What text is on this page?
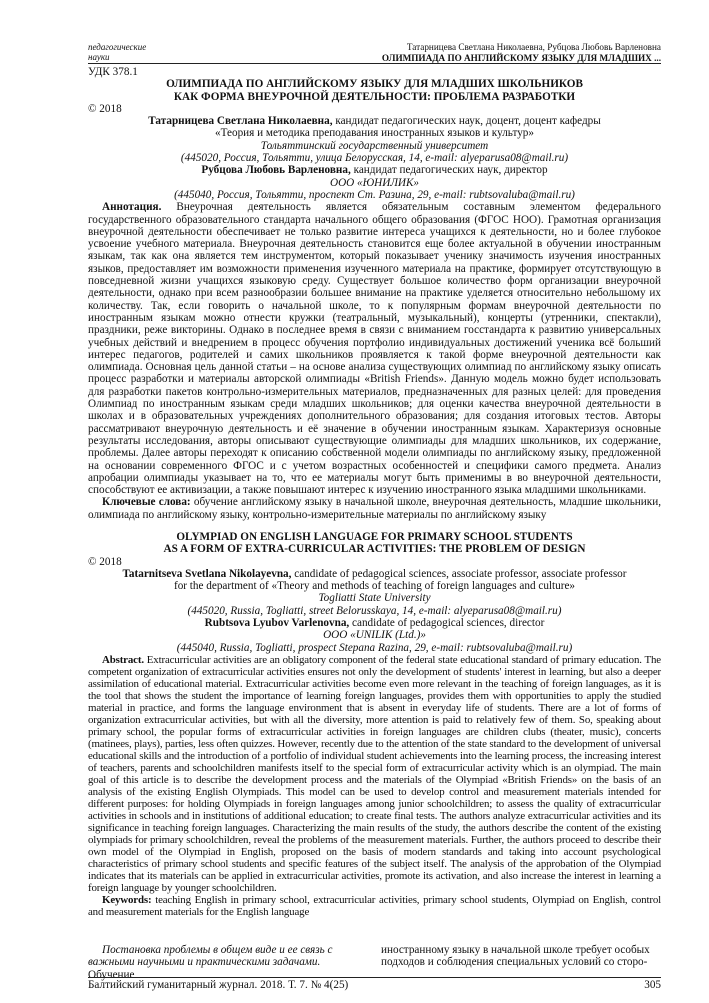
педагогические
науки
Татарницева Светлана Николаевна, Рубцова Любовь Варленовна
ОЛИМПИАДА ПО АНГЛИЙСКОМУ ЯЗЫКУ ДЛЯ МЛАДШИХ ...
УДК 378.1
ОЛИМПИАДА ПО АНГЛИЙСКОМУ ЯЗЫКУ ДЛЯ МЛАДШИХ ШКОЛЬНИКОВ
КАК ФОРМА ВНЕУРОЧНОЙ ДЕЯТЕЛЬНОСТИ: ПРОБЛЕМА РАЗРАБОТКИ
© 2018
Татарницева Светлана Николаевна, кандидат педагогических наук, доцент, доцент кафедры
«Теория и методика преподавания иностранных языков и культур»
Тольяттинский государственный университет
(445020, Россия, Тольятти, улица Белорусская, 14, e-mail: alyeparusa08@mail.ru)
Рубцова Любовь Варленовна, кандидат педагогических наук, директор
ООО «ЮНИЛИК»
(445040, Россия, Тольятти, проспект Ст. Разина, 29, e-mail: rubtsovaluba@mail.ru)
Аннотация. Внеурочная деятельность является обязательным составным элементом федерального государственного образовательного стандарта начального общего образования (ФГОС НОО). Грамотная организация внеурочной деятельности обеспечивает не только развитие интереса учащихся к деятельности, но и более глубокое усвоение учебного материала. Внеурочная деятельность становится еще более актуальной в обучении иностранным языкам, так как она является тем инструментом, который показывает ученику значимость изучения иностранных языков, предоставляет им возможности применения изученного материала на практике, формирует отсутствующую в повседневной жизни учащихся языковую среду. Существует большое количество форм организации внеурочной деятельности, однако при всем разнообразии большее внимание на практике уделяется относительно небольшому их количеству. Так, если говорить о начальной школе, то к популярным формам внеурочной деятельности по иностранным языкам можно отнести кружки (театральный, музыкальный), концерты (утренники, спектакли), праздники, реже викторины. Однако в последнее время в связи с вниманием госстандарта к развитию универсальных учебных действий и внедрением в процесс обучения портфолио индивидуальных достижений ученика всё больший интерес педагогов, родителей и самих школьников проявляется к такой форме внеурочной деятельности как олимпиада. Основная цель данной статьи – на основе анализа существующих олимпиад по английскому языку описать процесс разработки и материалы авторской олимпиады «British Friends». Данную модель можно будет использовать для разработки пакетов контрольно-измерительных материалов, предназначенных для разных целей: для проведения Олимпиад по иностранным языкам среди младших школьников; для оценки качества внеурочной деятельности в школах и в образовательных учреждениях дополнительного образования; для создания итоговых тестов. Авторы рассматривают внеурочную деятельность и её значение в обучении иностранным языкам. Характеризуя основные результаты исследования, авторы описывают существующие олимпиады для младших школьников, их содержание, проблемы. Далее авторы переходят к описанию собственной модели олимпиады по английскому языку, предложенной на основании современного ФГОС и с учетом возрастных особенностей и специфики самого предмета. Анализ апробации олимпиады указывает на то, что ее материалы могут быть применимы в во внеурочной деятельности, способствуют ее активизации, а также повышают интерес к изучению иностранного языка младшими школьниками.
Ключевые слова: обучение английскому языку в начальной школе, внеурочная деятельность, младшие школьники, олимпиада по английскому языку, контрольно-измерительные материалы по английскому языку
OLYMPIAD ON ENGLISH LANGUAGE FOR PRIMARY SCHOOL STUDENTS
AS A FORM OF EXTRA-CURRICULAR ACTIVITIES: THE PROBLEM OF DESIGN
© 2018
Tatarnitseva Svetlana Nikolayevna, candidate of pedagogical sciences, associate professor, associate professor
for the department of «Theory and methods of teaching of foreign languages and culture»
Togliatti State University
(445020, Russia, Togliatti, street Belorusskaya, 14, e-mail: alyeparusa08@mail.ru)
Rubtsova Lyubov Varlenovna, candidate of pedagogical sciences, director
OOO «UNILIK (Ltd.)»
(445040, Russia, Togliatti, prospect Stepana Razina, 29, e-mail: rubtsovaluba@mail.ru)
Abstract. Extracurricular activities are an obligatory component of the federal state educational standard of primary education. The competent organization of extracurricular activities ensures not only the development of students' interest in learning, but also a deeper assimilation of educational material. Extracurricular activities become even more relevant in the teaching of foreign languages, as it is the tool that shows the student the importance of learning foreign languages, provides them with opportunities to apply the studied material in practice, and forms the language environment that is absent in everyday life of students. There are a lot of forms of organization extracurricular activities, but with all the diversity, more attention is paid to relatively few of them. So, speaking about primary school, the popular forms of extracurricular activities in foreign languages are children clubs (theater, music), concerts (matinees, plays), parties, less often quizzes. However, recently due to the attention of the state standard to the development of universal educational skills and the introduction of a portfolio of individual student achievements into the learning process, the increasing interest of teachers, parents and schoolchildren manifests itself to the special form of extracurricular activity which is an olympiad. The main goal of this article is to describe the development process and the materials of the Olympiad «British Friends» on the basis of an analysis of the existing English Olympiads. This model can be used to develop control and measurement materials intended for different purposes: for holding Olympiads in foreign languages among junior schoolchildren; to assess the quality of extracurricular activities in schools and in institutions of additional education; to create final tests. The authors analyze extracurricular activities and its significance in teaching foreign languages. Characterizing the main results of the study, the authors describe the content of the existing olympiads for primary schoolchildren, reveal the problems of the measurement materials. Further, the authors proceed to describe their own model of the Olympiad in English, proposed on the basis of modern standards and taking into account psychological characteristics of primary school students and specific features of the subject itself. The analysis of the approbation of the Olympiad indicates that its materials can be applied in extracurricular activities, promote its activation, and also increase the interest in learning a foreign language by younger schoolchildren.
Keywords: teaching English in primary school, extracurricular activities, primary school students, Olympiad on English, control and measurement materials for the English language
Постановка проблемы в общем виде и ее связь с важными научными и практическими задачами. Обучение
иностранному языку в начальной школе требует особых подходов и соблюдения специальных условий со сторо-
Балтийский гуманитарный журнал. 2018. Т. 7. № 4(25)	305
